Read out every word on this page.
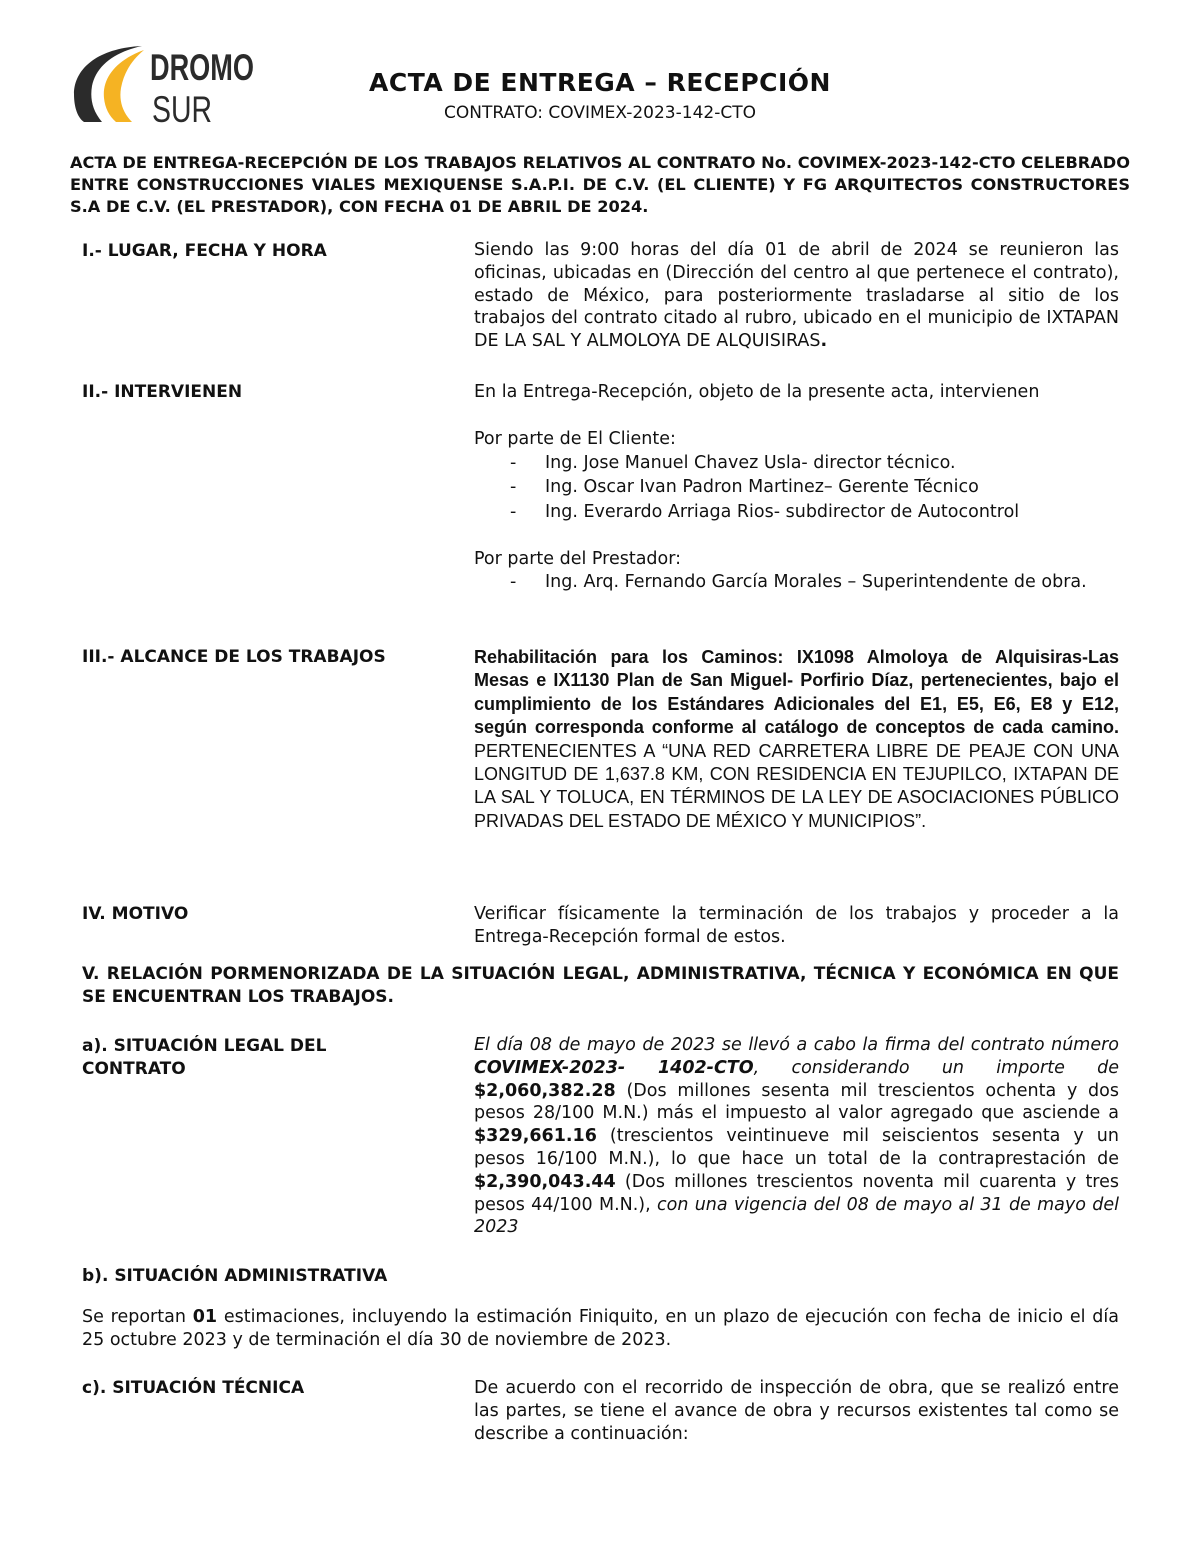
DROMO
SUR
ACTA DE ENTREGA – RECEPCIÓN
CONTRATO: COVIMEX-2023-142-CTO

ACTA DE ENTREGA-RECEPCIÓN DE LOS TRABAJOS RELATIVOS AL CONTRATO No. COVIMEX-2023-142-CTO CELEBRADO ENTRE CONSTRUCCIONES VIALES MEXIQUENSE S.A.P.I. DE C.V. (EL CLIENTE) Y FG ARQUITECTOS CONSTRUCTORES S.A DE C.V. (EL PRESTADOR), CON FECHA 01 DE ABRIL DE 2024.

I.- LUGAR, FECHA Y HORA	Siendo las 9:00 horas del día 01 de abril de 2024 se reunieron las oficinas, ubicadas en (Dirección del centro al que pertenece el contrato), estado de México, para posteriormente trasladarse al sitio de los trabajos del contrato citado al rubro, ubicado en el municipio de IXTAPAN DE LA SAL Y ALMOLOYA DE ALQUISIRAS.

II.- INTERVIENEN	En la Entrega-Recepción, objeto de la presente acta, intervienen
Por parte de El Cliente:
- Ing. Jose Manuel Chavez Usla- director técnico.
- Ing. Oscar Ivan Padron Martinez– Gerente Técnico
- Ing. Everardo Arriaga Rios- subdirector de Autocontrol
Por parte del Prestador:
- Ing. Arq. Fernando García Morales – Superintendente de obra.
III.- ALCANCE DE LOS TRABAJOS	Rehabilitación para los Caminos: IX1098 Almoloya de Alquisiras-Las Mesas e IX1130 Plan de San Miguel- Porfirio Díaz, pertenecientes, bajo el cumplimiento de los Estándares Adicionales del E1, E5, E6, E8 y E12, según corresponda conforme al catálogo de conceptos de cada camino. PERTENECIENTES A “UNA RED CARRETERA LIBRE DE PEAJE CON UNA LONGITUD DE 1,637.8 KM, CON RESIDENCIA EN TEJUPILCO, IXTAPAN DE LA SAL Y TOLUCA, EN TÉRMINOS DE LA LEY DE ASOCIACIONES PÚBLICO PRIVADAS DEL ESTADO DE MÉXICO Y MUNICIPIOS”.

IV. MOTIVO	Verificar físicamente la terminación de los trabajos y proceder a la Entrega-Recepción formal de estos.

V. RELACIÓN PORMENORIZADA DE LA SITUACIÓN LEGAL, ADMINISTRATIVA, TÉCNICA Y ECONÓMICA EN QUE SE ENCUENTRAN LOS TRABAJOS.

a). SITUACIÓN LEGAL DEL CONTRATO

El día 08 de mayo de 2023 se llevó a cabo la firma del contrato número COVIMEX-2023- 1402-CTO, considerando un importe de $2,060,382.28 (Dos millones sesenta mil trescientos ochenta y dos pesos 28/100 M.N.) más el impuesto al valor agregado que asciende a $329,661.16 (trescientos veintinueve mil seiscientos sesenta y un pesos 16/100 M.N.), lo que hace un total de la contraprestación de $2,390,043.44 (Dos millones trescientos noventa mil cuarenta y tres pesos 44/100 M.N.), con una vigencia del 08 de mayo al 31 de mayo del 2023

b). SITUACIÓN ADMINISTRATIVA

Se reportan 01 estimaciones, incluyendo la estimación Finiquito, en un plazo de ejecución con fecha de inicio el día 25 octubre 2023 y de terminación el día 30 de noviembre de 2023.

c). SITUACIÓN TÉCNICA	De acuerdo con el recorrido de inspección de obra, que se realizó entre las partes, se tiene el avance de obra y recursos existentes tal como se describe a continuación:
